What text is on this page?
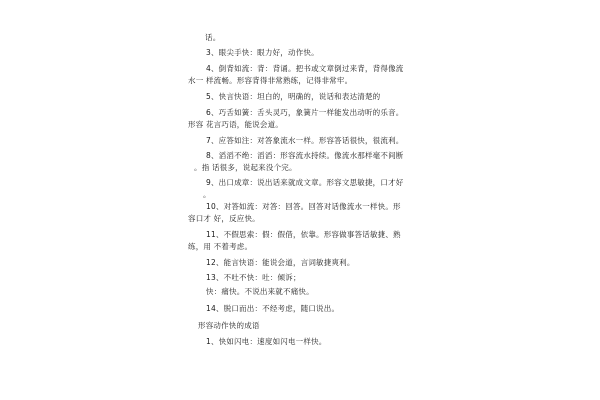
话。
3、眼尖手快：眼力好，动作快。
4、倒背如流：背：背诵。把书或文章倒过来背，背得像流
水一 样流畅。形容背得非常熟练，记得非常牢。
5、快言快语：坦白的，明确的，说话和表达清楚的
6、巧舌如簧：舌头灵巧，象簧片一样能发出动听的乐音。
形容 花言巧语，能说会道。
7、应答如注：对答象流水一样。形容答话很快，很流利。
8、滔滔不绝：滔滔：形容流水持续。像流水那样毫不间断
。指 话很多，说起来没个完。
9、出口成章：说出话来就成文章。形容文思敏捷，口才好
。
10、对答如流：对答：回答。回答对话像流水一样快。形
容口才 好，反应快。
11、不假思索：假：假借，依靠。形容做事答话敏捷、熟
练，用 不着考虑。
12、能言快语：能说会道，言词敏捷爽利。
13、不吐不快：吐：倾诉；
快：痛快。不说出来就不痛快。
14、脱口而出：不经考虑，随口说出。
形容动作快的成语
1、快如闪电：速度如闪电一样快。
